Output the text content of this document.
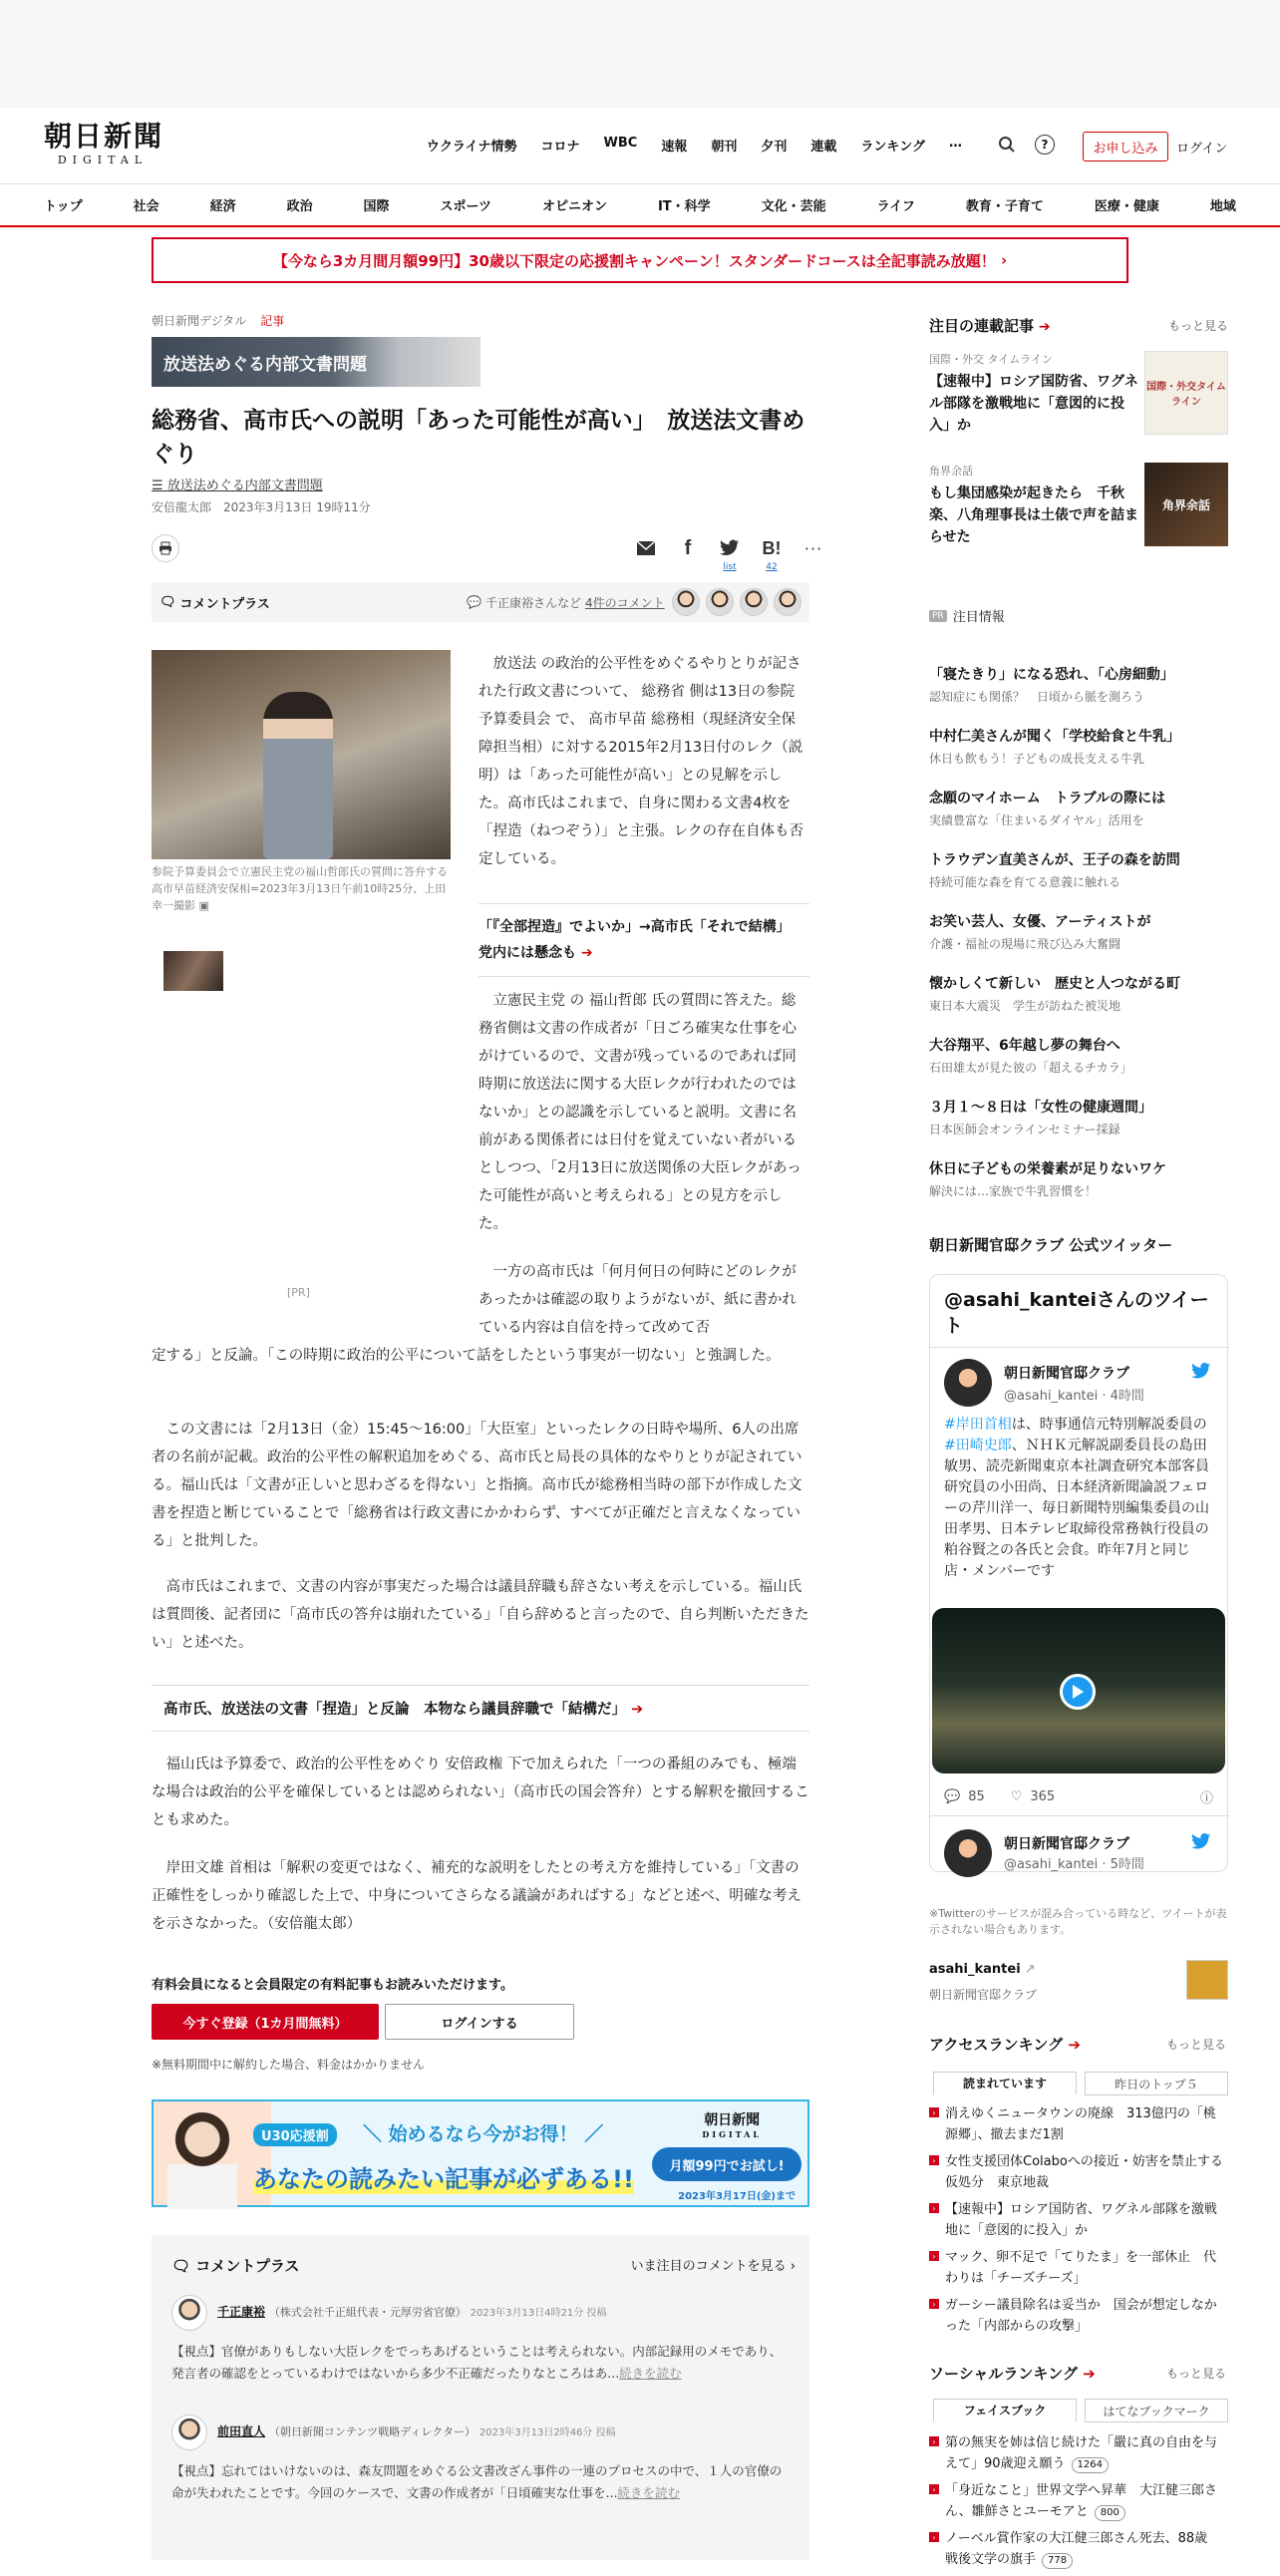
朝日新聞
DIGITAL
ウクライナ情勢 コロナ WBC 速報 朝刊 夕刊 連載 ランキング …	?	お申し込み	ログイン
トップ	社会	経済	政治	国際	スポーツ	オピニオン	IT・科学	文化・芸能	ライフ	教育・子育て	医療・健康	地域
【今なら3カ月間月額99円】30歳以下限定の応援割キャンペーン！スタンダードコースは全記事読み放題！ ›
朝日新聞デジタル 記事
放送法めぐる内部文書問題
総務省、高市氏への説明「あった可能性が高い」　放送法文書めぐり
☰ 放送法めぐる内部文書問題
安倍龍太郎　2023年3月13日 19時11分
f
list
B!
42
···
🗨 コメントプラス	💬 千正康裕さんなど 4件のコメント
参院予算委員会で立憲民主党の福山哲郎氏の質問に答弁する高市早苗経済安保相=2023年3月13日午前10時25分、上田幸一撮影 ▣
[PR]

放送法 の政治的公平性をめぐるやりとりが記された行政文書について、 総務省 側は13日の参院 予算委員会 で、 高市早苗 総務相（現経済安全保障担当相）に対する2015年2月13日付のレク（説明）は「あった可能性が高い」との見解を示した。高市氏はこれまで、自身に関わる文書4枚を「捏造（ねつぞう）」と主張。レクの存在自体も否定している。

「『全部捏造』でよいか」→高市氏「それで結構」　党内には懸念も ➔

立憲民主党 の 福山哲郎 氏の質問に答えた。総務省側は文書の作成者が「日ごろ確実な仕事を心がけているので、文書が残っているのであれば同時期に放送法に関する大臣レクが行われたのではないか」との認識を示していると説明。文書に名前がある関係者には日付を覚えていない者がいるとしつつ、「2月13日に放送関係の大臣レクがあった可能性が高いと考えられる」との見方を示した。

　一方の高市氏は「何月何日の何時にどのレクがあったかは確認の取りようがないが、紙に書かれている内容は自信を持って改めて否
定する」と反論。「この時期に政治的公平について話をしたという事実が一切ない」と強調した。

この文書には「2月13日（金）15:45～16:00」「大臣室」といったレクの日時や場所、6人の出席者の名前が記載。政治的公平性の解釈追加をめぐる、高市氏と局長の具体的なやりとりが記されている。福山氏は「文書が正しいと思わざるを得ない」と指摘。高市氏が総務相当時の部下が作成した文書を捏造と断じていることで「総務省は行政文書にかかわらず、すべてが正確だと言えなくなっている」と批判した。

高市氏はこれまで、文書の内容が事実だった場合は議員辞職も辞さない考えを示している。福山氏は質問後、記者団に「高市氏の答弁は崩れたている」「自ら辞めると言ったので、自ら判断いただきたい」と述べた。

高市氏、放送法の文書「捏造」と反論　本物なら議員辞職で「結構だ」 ➔

福山氏は予算委で、政治的公平性をめぐり 安倍政権 下で加えられた「一つの番組のみでも、極端な場合は政治的公平を確保しているとは認められない」（高市氏の国会答弁）とする解釈を撤回することも求めた。

岸田文雄 首相は「解釈の変更ではなく、補充的な説明をしたとの考え方を維持している」「文書の正確性をしっかり確認した上で、中身についてさらなる議論があればする」などと述べ、明確な考えを示さなかった。（安倍龍太郎）

有料会員になると会員限定の有料記事もお読みいただけます。
今すぐ登録（1カ月間無料）	ログインする
※無料期間中に解約した場合、料金はかかりません
U30応援割	＼ 始めるなら今がお得！ ／
あなたの読みたい記事が必ずある!!
朝日新聞
DIGITAL
月額99円でお試し!
2023年3月17日(金)まで
🗨 コメントプラス	いま注目のコメントを見る ›
千正康裕 （株式会社千正組代表・元厚労省官僚） 2023年3月13日4時21分 投稿
【視点】官僚がありもしない大臣レクをでっちあげるということは考えられない。内部記録用のメモであり、発言者の確認をとっているわけではないから多少不正確だったりなところはあ...続きを読む
前田直人 （朝日新聞コンテンツ戦略ディレクター） 2023年3月13日2時46分 投稿
【視点】忘れてはいけないのは、森友問題をめぐる公文書改ざん事件の一連のプロセスの中で、１人の官僚の命が失われたことです。今回のケースで、文書の作成者が「日頃確実な仕事を...続きを読む
注目の連載記事 ➔	もっと見る
国際・外交 タイムライン
【速報中】ロシア国防省、ワグネル部隊を激戦地に「意図的に投入」か
国際・外交タイムライン
角界余話
もし集団感染が起きたら　千秋楽、八角理事長は土俵で声を詰まらせた
角界余話
PR 注目情報
「寝たきり」になる恐れ、「心房細動」
認知症にも関係？　日頃から脈を測ろう
中村仁美さんが聞く「学校給食と牛乳」
休日も飲もう！子どもの成長支える牛乳
念願のマイホーム　トラブルの際には
実績豊富な「住まいるダイヤル」活用を
トラウデン直美さんが、王子の森を訪問
持続可能な森を育てる意義に触れる
お笑い芸人、女優、アーティストが
介護・福祉の現場に飛び込み大奮闘
懐かしくて新しい　歴史と人つながる町
東日本大震災　学生が訪ねた被災地
大谷翔平、6年越し夢の舞台へ
石田雄太が見た彼の「超えるチカラ」
３月１～８日は「女性の健康週間」
日本医師会オンラインセミナー採録
休日に子どもの栄養素が足りないワケ
解決には…家族で牛乳習慣を！
朝日新聞官邸クラブ 公式ツイッター
@asahi_kanteiさんのツイート
朝日新聞官邸クラブ
@asahi_kantei · 4時間
#岸田首相は、時事通信元特別解説委員の#田崎史郎、ＮＨＫ元解説副委員長の島田敏男、読売新聞東京本社調査研究本部客員研究員の小田尚、日本経済新聞論説フェローの芹川洋一、毎日新聞特別編集委員の山田孝男、日本テレビ取締役常務執行役員の粕谷賢之の各氏と会食。昨年7月と同じ店・メンバーです
💬 85 ♡ 365	ⓘ
朝日新聞官邸クラブ
@asahi_kantei · 5時間
※Twitterのサービスが混み合っている時など、ツイートが表示されない場合もあります。
asahi_kantei ↗
朝日新聞官邸クラブ
アクセスランキング ➔	もっと見る
読まれています	昨日のトップ５
› 消えゆくニュータウンの廃線　313億円の「桃源郷」、撤去まだ1割
› 女性支援団体Colaboへの接近・妨害を禁止する仮処分　東京地裁
› 【速報中】ロシア国防省、ワグネル部隊を激戦地に「意図的に投入」か
› マック、卵不足で「てりたま」を一部休止　代わりは「チーズチーズ」
› ガーシー議員除名は妥当か　国会が想定しなかった「内部からの攻撃」
ソーシャルランキング ➔	もっと見る
フェイスブック	はてなブックマーク
› 第の無実を姉は信じ続けた「嚴に真の自由を与えて」90歳迎え願う 1264
› 「身近なこと」世界文学へ昇華　大江健三郎さん、雛鮮さとユーモアと 800
› ノーベル賞作家の大江健三郎さん死去、88歳　戦後文学の旗手 778
